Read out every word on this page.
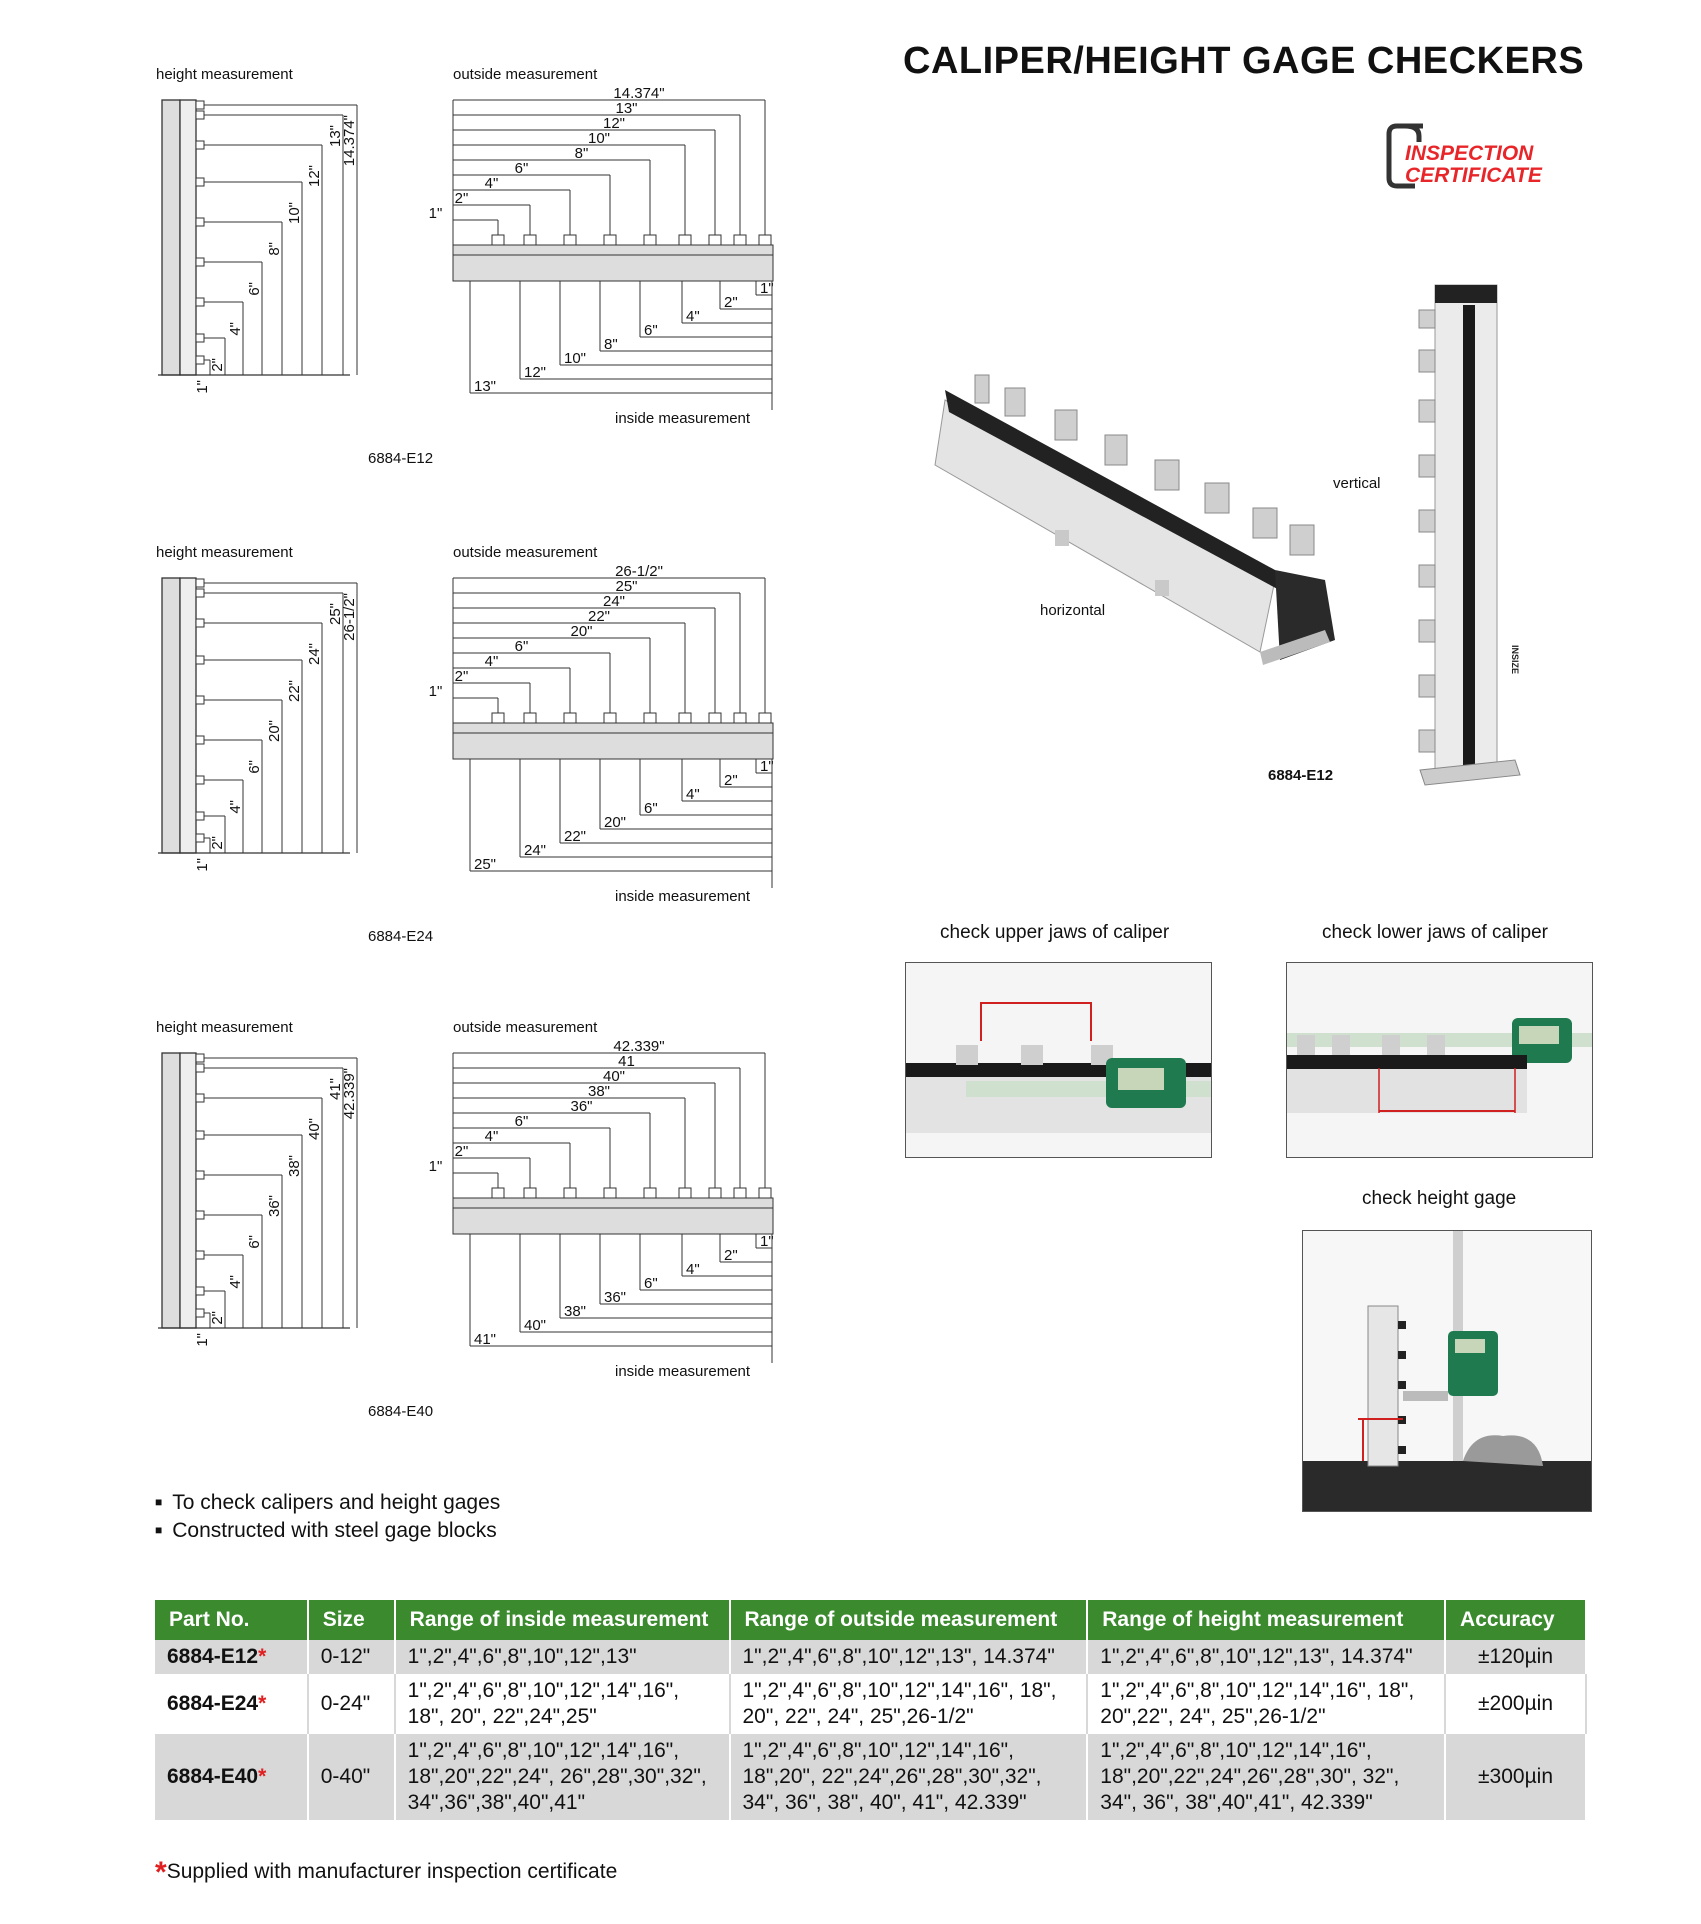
CALIPER/HEIGHT GAGE CHECKERS
INSPECTION
CERTIFICATE
height measurement	outside measurement
1"
2"
4"
6"
8"
10"
12"
13"
14.374"
14.374"
13"
12"
10"
8"
6"
4"
2"
1"
1"
2"
4"
6"
8"
10"
12"
13"
inside measurement
6884-E12
height measurement	outside measurement
1"
2"
4"
6"
20"
22"
24"
25"
26-1/2"
26-1/2"
25"
24"
22"
20"
6"
4"
2"
1"
1"
2"
4"
6"
20"
22"
24"
25"
inside measurement
6884-E24
height measurement	outside measurement
1"
2"
4"
6"
36"
38"
40"
41"
42.339"
42.339"
41
40"
38"
36"
6"
4"
2"
1"
1"
2"
4"
6"
36"
38"
40"
41"
inside measurement
6884-E40
horizontal
vertical
6884-E12
INSIZE
check upper jaws of caliper	check lower jaws of caliper
check height gage
■ To check calipers and height gages
■ Constructed with steel gage blocks
Part No.	Size	Range of inside measurement	Range of outside measurement	Range of height measurement	Accuracy
6884-E12*	0-12"	1",2",4",6",8",10",12",13"	1",2",4",6",8",10",12",13", 14.374"	1",2",4",6",8",10",12",13", 14.374"	±120µin
6884-E24*	0-24"	1",2",4",6",8",10",12",14",16", 18", 20", 22",24",25"	1",2",4",6",8",10",12",14",16", 18", 20", 22", 24", 25",26-1/2"	1",2",4",6",8",10",12",14",16", 18", 20",22", 24", 25",26-1/2"	±200µin
6884-E40*	0-40"	1",2",4",6",8",10",12",14",16", 18",20",22",24", 26",28",30",32", 34",36",38",40",41"	1",2",4",6",8",10",12",14",16", 18",20", 22",24",26",28",30",32", 34", 36", 38", 40", 41", 42.339"	1",2",4",6",8",10",12",14",16", 18",20",22",24",26",28",30", 32", 34", 36", 38",40",41", 42.339"	±300µin
*Supplied with manufacturer inspection certificate
